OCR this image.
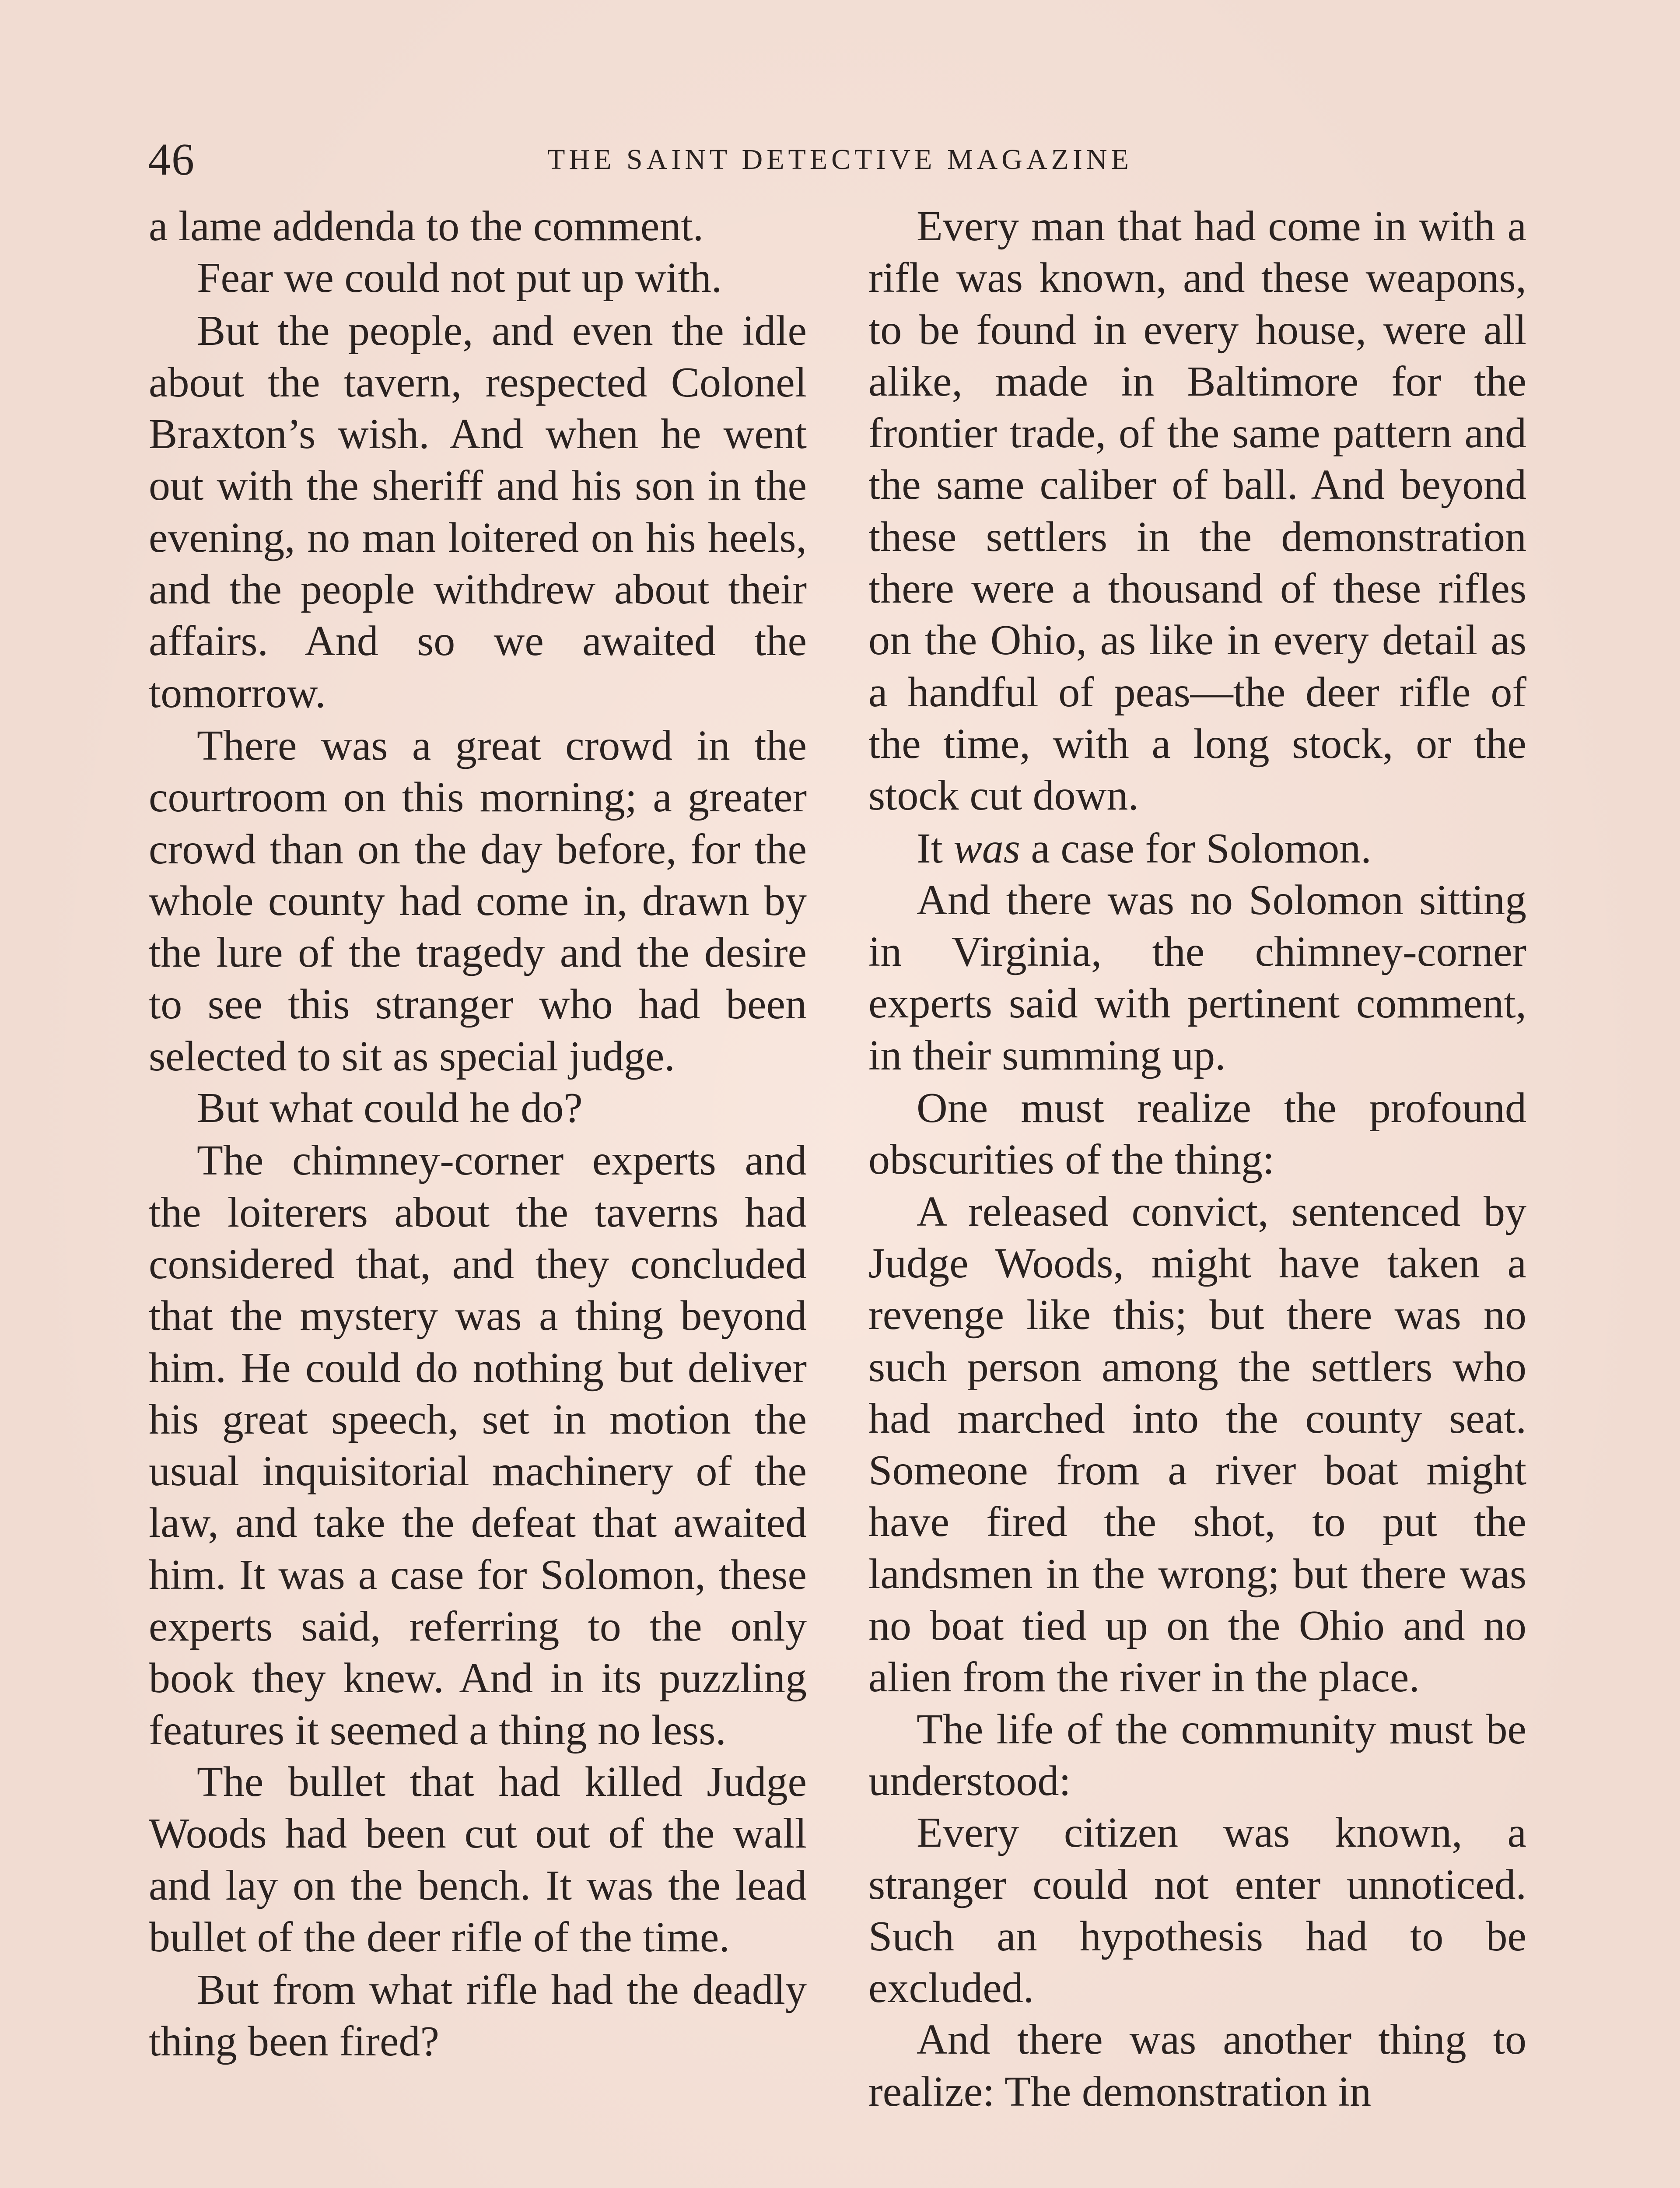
46	THE SAINT DETECTIVE MAGAZINE

a lame addenda to the comment.

Fear we could not put up with.

But the people, and even the idle about the tavern, respected Colonel Braxton’s wish. And when he went out with the sheriff and his son in the evening, no man loitered on his heels, and the people withdrew about their affairs. And so we awaited the tomorrow.

There was a great crowd in the courtroom on this morning; a greater crowd than on the day before, for the whole county had come in, drawn by the lure of the tragedy and the desire to see this stranger who had been selected to sit as special judge.

But what could he do?

The chimney-corner experts and the loiterers about the taverns had considered that, and they concluded that the mystery was a thing beyond him. He could do nothing but deliver his great speech, set in motion the usual inquisitorial machinery of the law, and take the defeat that awaited him. It was a case for Solomon, these experts said, referring to the only book they knew. And in its puzzling features it seemed a thing no less.

The bullet that had killed Judge Woods had been cut out of the wall and lay on the bench. It was the lead bullet of the deer rifle of the time.

But from what rifle had the deadly thing been fired?

Every man that had come in with a rifle was known, and these weapons, to be found in every house, were all alike, made in Baltimore for the frontier trade, of the same pattern and the same caliber of ball. And beyond these settlers in the demonstration there were a thousand of these rifles on the Ohio, as like in every detail as a handful of peas—the deer rifle of the time, with a long stock, or the stock cut down.

It was a case for Solomon.

And there was no Solomon sitting in Virginia, the chimney-corner experts said with pertinent comment, in their summing up.

One must realize the profound obscurities of the thing:

A released convict, sentenced by Judge Woods, might have taken a revenge like this; but there was no such person among the settlers who had marched into the county seat. Someone from a river boat might have fired the shot, to put the landsmen in the wrong; but there was no boat tied up on the Ohio and no alien from the river in the place.

The life of the community must be understood:

Every citizen was known, a stranger could not enter unnoticed. Such an hypothesis had to be excluded.

And there was another thing to realize: The demonstration in
